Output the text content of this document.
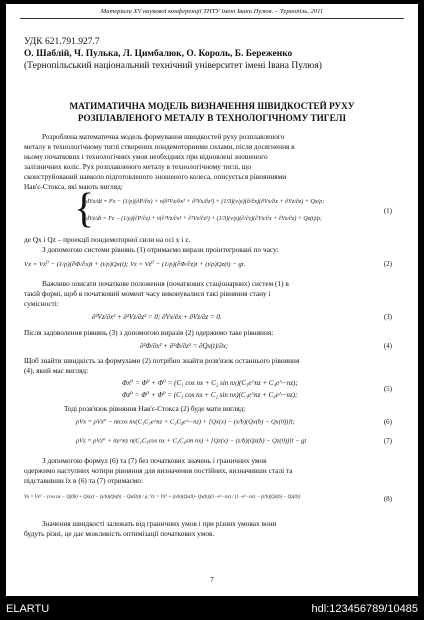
Матеріали XV наукової конференції ТНТУ імені Івана Пулюя. – Тернопіль, 2011
УДК 621.791.927.7
О. Шаблій, Ч. Пулька, Л. Цимбалюк, О. Король, Б. Береженко
(Тернопільський національний технічний університет імені Івана Пулюя)
МАТИМАТИЧНА МОДЕЛЬ ВИЗНАЧЕННЯ ШВИДКОСТЕЙ РУХУ
РОЗПЛАВЛЕНОГО МЕТАЛУ В ТЕХНОЛОГІЧНОМУ ТИГЕЛІ
Розроблена математична модель формування швидкостей руху розплавленого
металу в технологічному тиглі створених пондемоторними силами, після досягнення в
ньому початкових і технологічних умов необхідних при відновлені зношеного
залізничних коліс. Рух розплавленого металу в технологічному тиглі, що
сконструйований навколо підготовленого зношеного колеса, описується рівняннями
Нав'є-Стокса, які мають вигляд:
{
dVx/dt = Fx − (1/ρ)(∂P/∂x) + ν(∂²Vx/∂x² + ∂²Vx/∂z²) + (1/3)(ν/ρ)(∂/∂x)(∂Vx/∂x + ∂Vz/∂z) + Qx/ρ;
dVz/dt = Fz − (1/ρ)(∂P/∂z) + ν(∂²Vz/∂x² + ∂²Vz/∂z²) + (1/3)(ν/ρ)(∂/∂z)(∂Vx/∂x + ∂Vz/∂z) + Qz(t)/ρ;
(1)
де Qx і Qz – проекції пондемоторної сили на осі x і z.
З допомогою системи рівнянь (1) отримаємо вирази проінтегровані по часу:
Vx = Vx⁰ − (1/ρ)(∂Φ/∂x)t + (t/ρ)Qx(t); Vz = Vz⁰ − (1/ρ)(∂Φ/∂z)t + (t/ρ)Qz(t) − gt.	(2)
Важливо описати початкове положення (початкових стаціонарних) систем (1) в
такій формі, щоб в початковий момент часу виконувалися такі рівняння стану і
сумісності:
∂²Vz/∂x² + ∂²Vz/∂z² = 0; ∂Vx/∂x + ∂Vz/∂z = 0.	(3)
Після задоволення рівнянь (3) з допомогою виразів (2) одержимо таке рівняння:
∂²Φ/∂x² + ∂²Φ/∂z² = ∂Qx(t)/∂x;	(4)
Щоб знайти швидкість за формулами (2) потрібно знайти розв'язок останнього рівняння
(4), який має вигляд:
Φx⁰ = Φ⁰ + Φ⁰ = (C₁ cos nx + C₂ sin nx)(C₃e^nz + C₄e^−nz);
Φz⁰ = Φ⁰ + Φ⁰ = (C₁ cos nx + C₂ sin nx)(C₃e^nz + C₄e^−nz);
(5)
Тоді розв'язок рівняння Нав'є-Стокса (2) буде мати вигляд:
ρVx = ρVx⁰ − ntcos nx(C₁C₃e^nz + C₂C₄e^−nz) + [Qx(x) − (x/b)(Qx(b) − Qx(0))]t;	(6)
ρVz = ρVz⁰ + ite^nz n(C₁C₃cos nx + C₂C₄sin nx) + [Qz(x) − (z/b)(Qz(b) − Qz(0))]t − gt	(7)
З допомогою формул (6) та (7) без початкових значень і граничних умов
одержимо наступних чотири рівняння для визначення постійних, визначивши сталі та
підставивши їх в (6) та (7) отримаємо:
Vx = Vx⁰ − (cos nx − Q(0b) + Qx(x) − (x/b)(Qx(b) − Qx(0))) / ρ; Vz = Vz⁰ + (n/b)(Qx(0)−Qx(b))(1−e^−nx) / (1−e^−nx) − (z/b)(Qz(b) − Qz(0))	(8)
Значення швидкості залежать від граничних умов і при різних умовах вони
будуть різні, це дає можливість оптимізації початкових умов.
7
ELARTU	hdl:123456789/10485
